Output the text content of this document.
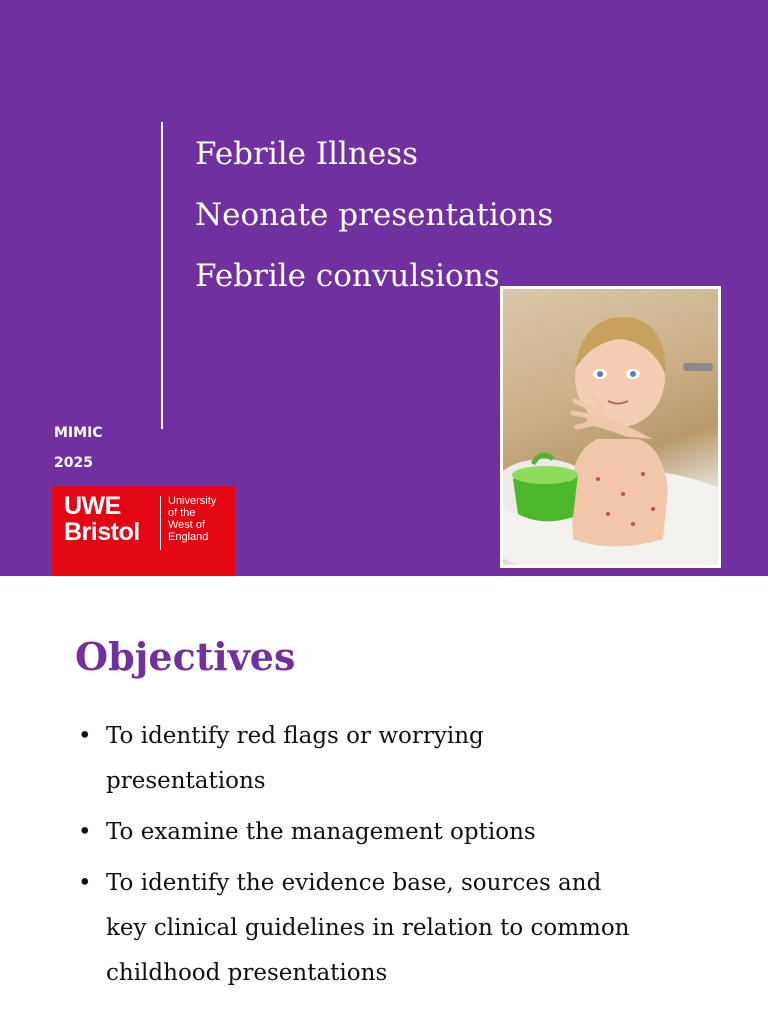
Febrile Illness
Neonate presentations
Febrile convulsions
MIMIC
2025
UWE
Bristol
University
of the
West of
England
Objectives
• To identify red flags or worrying presentations
• To examine the management options
• To identify the evidence base, sources and key clinical guidelines in relation to common childhood presentations
